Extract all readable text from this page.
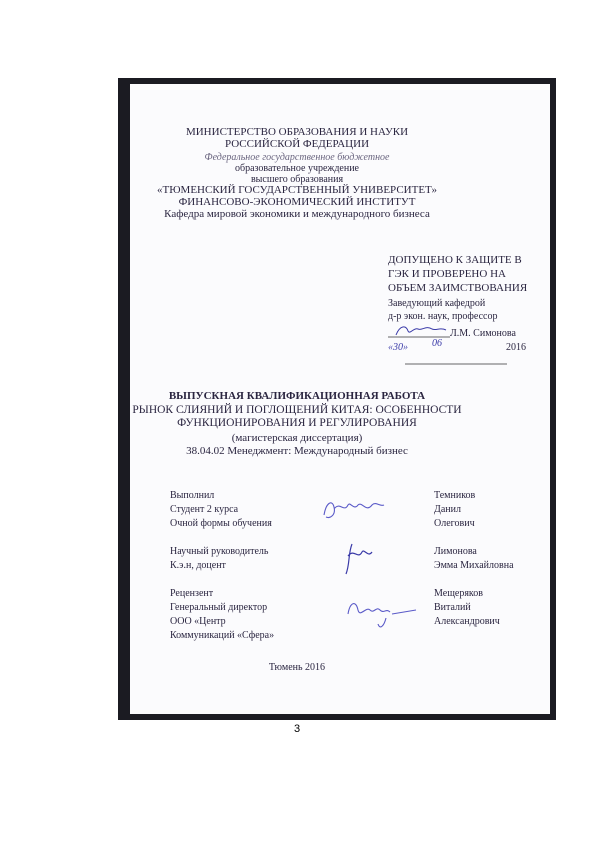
МИНИСТЕРСТВО ОБРАЗОВАНИЯ И НАУКИ
РОССИЙСКОЙ ФЕДЕРАЦИИ
Федеральное государственное бюджетное
образовательное учреждение
высшего образования
«ТЮМЕНСКИЙ ГОСУДАРСТВЕННЫЙ УНИВЕРСИТЕТ»
ФИНАНСОВО-ЭКОНОМИЧЕСКИЙ ИНСТИТУТ
Кафедра мировой экономики и международного бизнеса
ДОПУЩЕНО К ЗАЩИТЕ В
ГЭК И ПРОВЕРЕНО НА
ОБЪЕМ ЗАИМСТВОВАНИЯ
Заведующий кафедрой
д-р экон. наук, профессор
Л.М. Симонова
«30» 06	2016
ВЫПУСКНАЯ КВАЛИФИКАЦИОННАЯ РАБОТА
РЫНОК СЛИЯНИЙ И ПОГЛОЩЕНИЙ КИТАЯ: ОСОБЕННОСТИ
ФУНКЦИОНИРОВАНИЯ И РЕГУЛИРОВАНИЯ
(магистерская диссертация)
38.04.02 Менеджмент: Международный бизнес
Выполнил
Студент 2 курса
Очной формы обучения
Темников
Данил
Олегович
Научный руководитель
К.э.н, доцент
Лимонова
Эмма Михайловна
Рецензент
Генеральный директор
ООО «Центр
Коммуникаций «Сфера»
Мещеряков
Виталий
Александрович
Тюмень 2016
3
